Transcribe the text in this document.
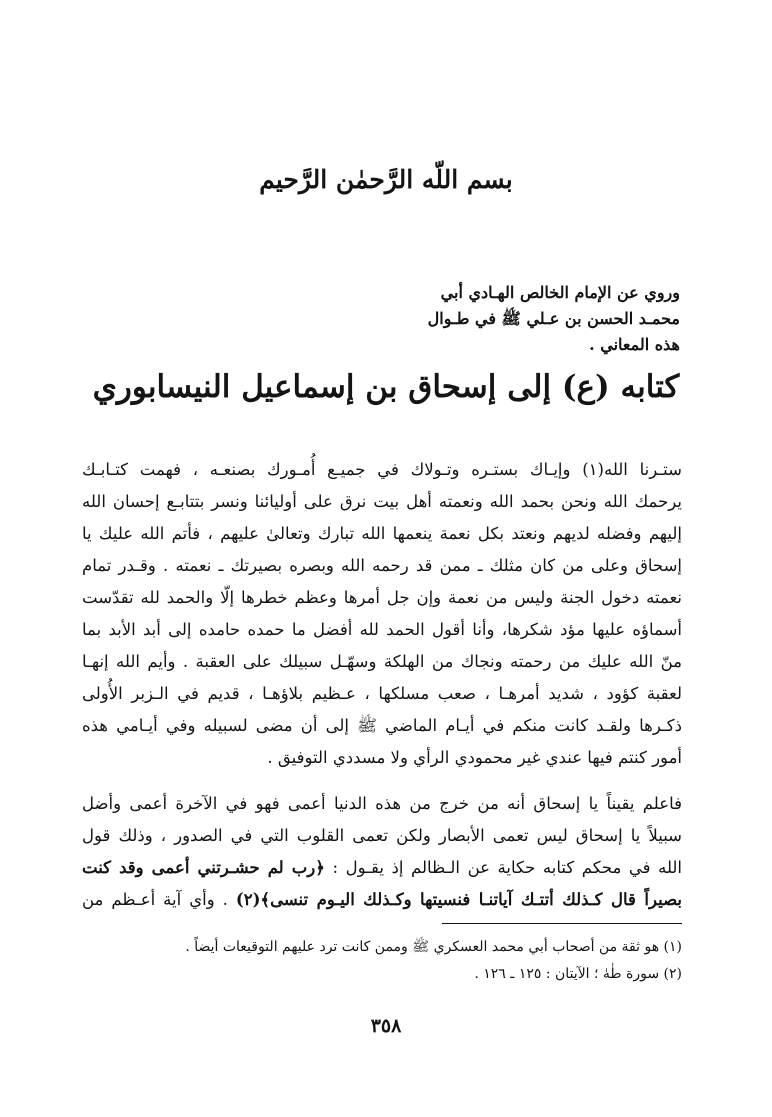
بسم اللّه الرَّحمٰن الرَّحيم
وروي عن الإمام الخالص الهـادي أبي
محمـد الحسن بن عـلي ﷺ في طـوال
هذه المعاني .
كتابه (ع) إلى إسحاق بن إسماعيل النيسابوري
ستـرنا الله(١) وإيـاك بستـره وتـولاك في جميـع أُمـورك بصنعـه ، فهمت كتـابـك
يرحمك الله ونحن بحمد الله ونعمته أهل بيت نرق على أوليائنا ونسر بتتابـع إحسان الله
إليهم وفضله لديهم ونعتد بكل نعمة ينعمها الله تبارك وتعالىٰ عليهم ، فأتم الله عليك يا
إسحاق وعلى من كان مثلك ـ ممن قد رحمه الله وبصره بصيرتك ـ نعمته . وقـدر تمام
نعمته دخول الجنة وليس من نعمة وإن جل أمرها وعظم خطرها إلّا والحمد لله تقدّست
أسماؤه عليها مؤد شكرها، وأنا أقول الحمد لله أفضل ما حمده حامده إلى أبد الأبد بما
منّ الله عليك من رحمته ونجاك من الهلكة وسهّـل سبيلك على العقبة . وأيم الله إنهـا
لعقبة كؤود ، شديد أمرهـا ، صعب مسلكها ، عـظيم بلاؤهـا ، قديم في الـزبر الأُولى
ذكـرها ولقـد كانت منكم في أيـام الماضي ﷺ إلى أن مضى لسبيله وفي أيـامي هذه
أمور كنتم فيها عندي غير محمودي الرأي ولا مسددي التوفيق .
فاعلم يقيناً يا إسحاق أنه من خرج من هذه الدنيا أعمى فهو في الآخرة أعمى وأضل
سبيلاً يا إسحاق ليس تعمى الأبصار ولكن تعمى القلوب التي في الصدور ، وذلك قول
الله في محكم كتابه حكاية عن الـظالم إذ يقـول : ﴿رب لم حشـرتني أعمى وقد كنت
بصيراً قال كـذلك أتتـك آياتنـا فنسيتها وكـذلك اليـوم تنسى﴾(٢) . وأي آية أعـظم من
(١) هو ثقة من أصحاب أبي محمد العسكري ﷺ وممن كانت ترد عليهم التوقيعات أيضاً .
(٢) سورة طٰهٰ ؛ الآيتان : ١٢٥ ـ ١٢٦ .
٣٥٨
